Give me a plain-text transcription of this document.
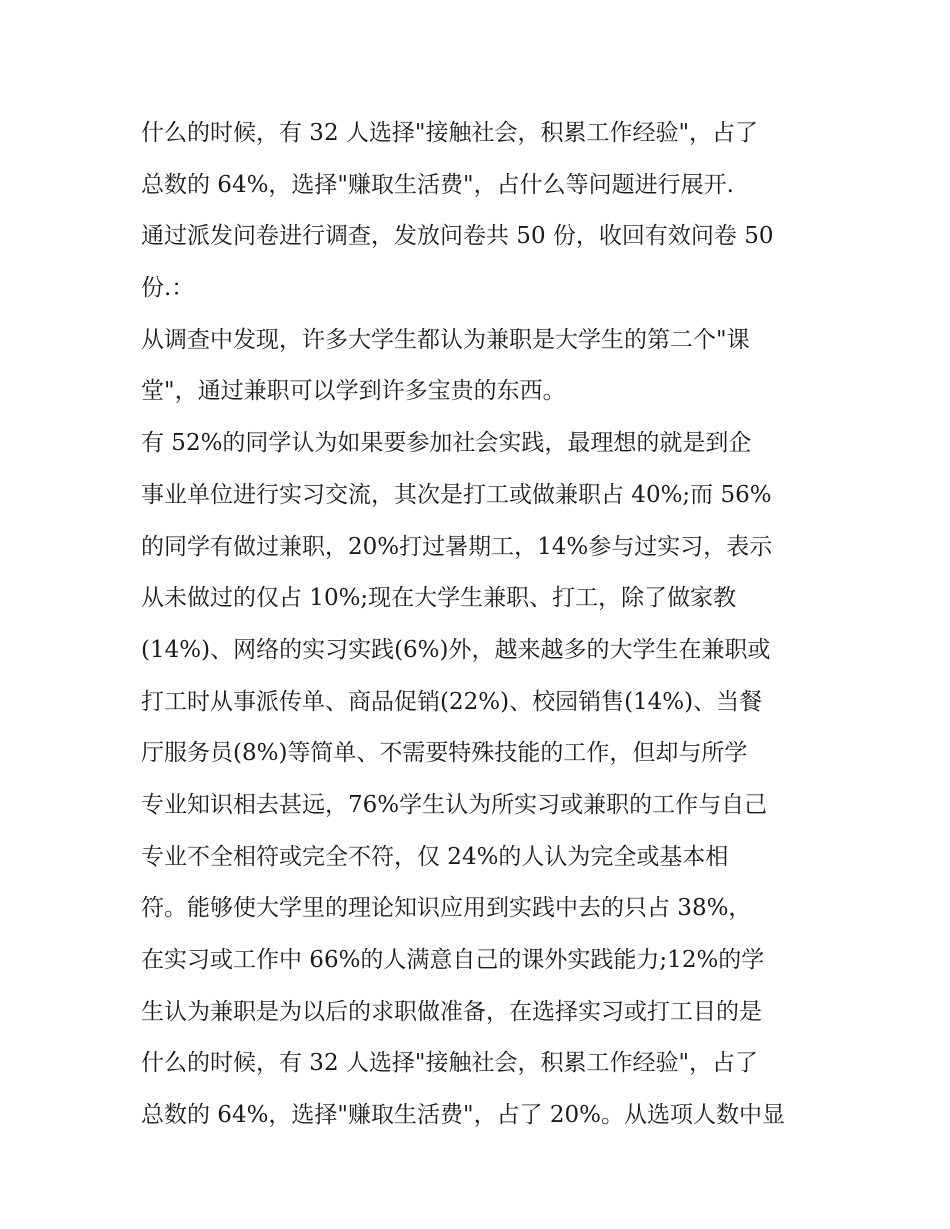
什么的时候，有 32 人选择"接触社会，积累工作经验"，占了
总数的 64%，选择"赚取生活费"，占什么等问题进行展开.
通过派发问卷进行调查，发放问卷共 50 份，收回有效问卷 50
份.：
从调查中发现，许多大学生都认为兼职是大学生的第二个"课
堂"，通过兼职可以学到许多宝贵的东西。
有 52%的同学认为如果要参加社会实践，最理想的就是到企
事业单位进行实习交流，其次是打工或做兼职占 40%;而 56%
的同学有做过兼职，20%打过暑期工，14%参与过实习，表示
从未做过的仅占 10%;现在大学生兼职、打工，除了做家教
(14%)、网络的实习实践(6%)外，越来越多的大学生在兼职或
打工时从事派传单、商品促销(22%)、校园销售(14%)、当餐
厅服务员(8%)等简单、不需要特殊技能的工作，但却与所学
专业知识相去甚远，76%学生认为所实习或兼职的工作与自己
专业不全相符或完全不符，仅 24%的人认为完全或基本相
符。能够使大学里的理论知识应用到实践中去的只占 38%，
在实习或工作中 66%的人满意自己的课外实践能力;12%的学
生认为兼职是为以后的求职做准备，在选择实习或打工目的是
什么的时候，有 32 人选择"接触社会，积累工作经验"，占了
总数的 64%，选择"赚取生活费"，占了 20%。从选项人数中显
